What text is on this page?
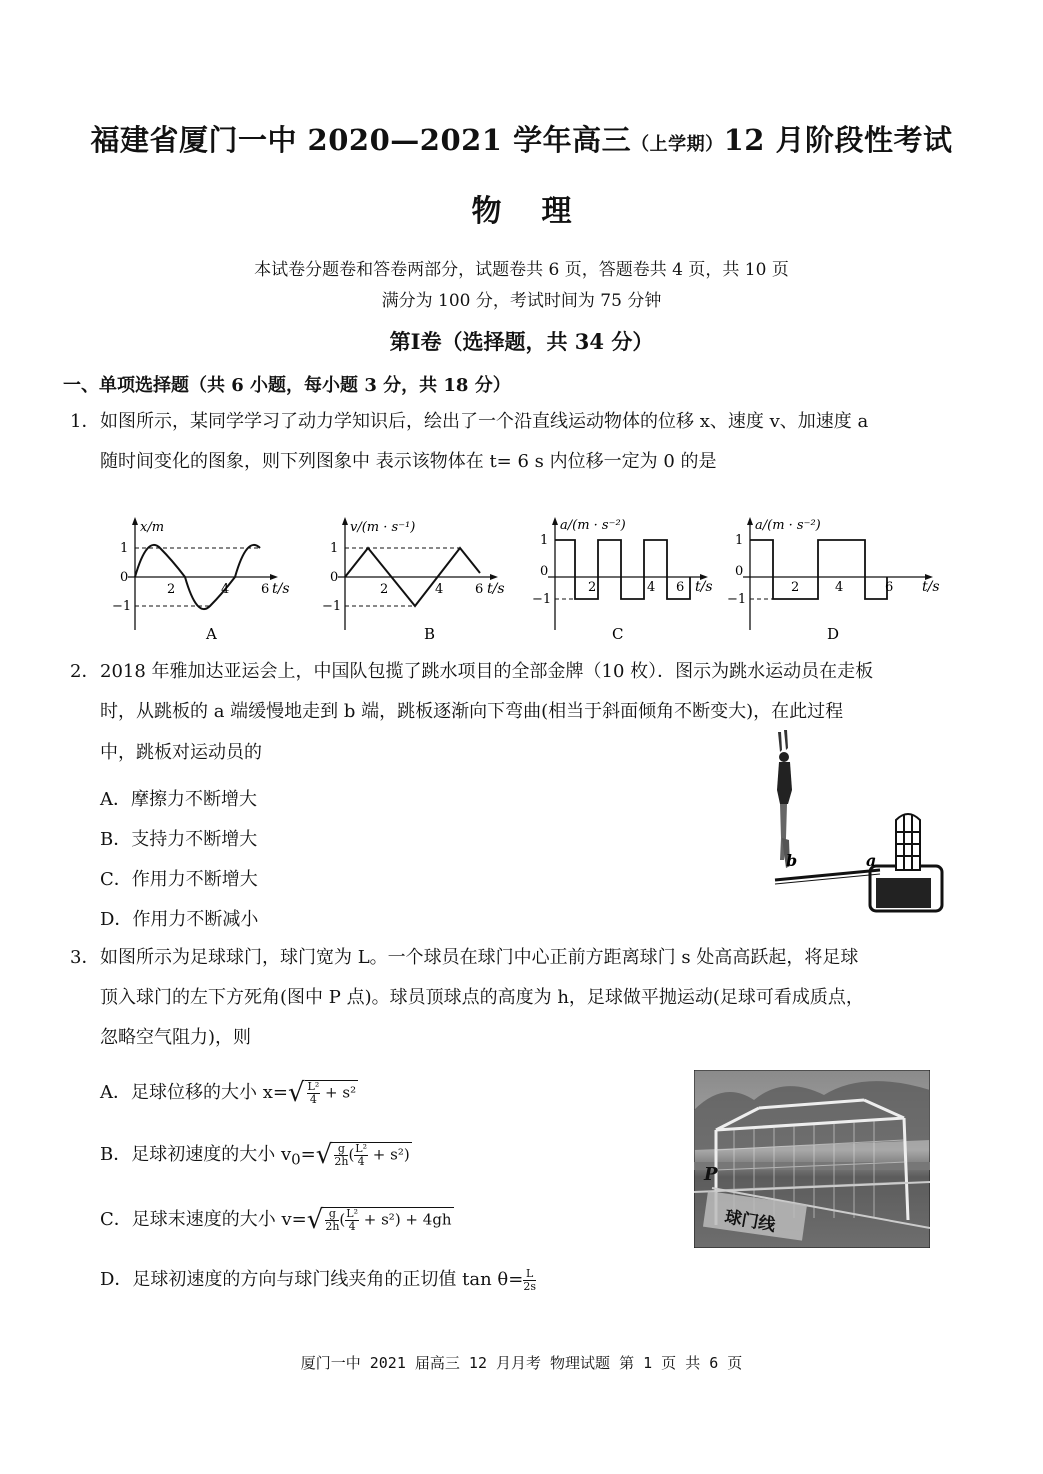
福建省厦门一中 2020—2021 学年高三（上学期）12 月阶段性考试
物理
本试卷分题卷和答卷两部分，试题卷共 6 页，答题卷共 4 页，共 10 页
满分为 100 分，考试时间为 75 分钟
第Ⅰ卷（选择题，共 34 分）
一、单项选择题（共 6 小题，每小题 3 分，共 18 分）
1． 如图所示，某同学学习了动力学知识后，绘出了一个沿直线运动物体的位移 x、速度 v、加速度 a
随时间变化的图象，则下列图象中 表示该物体在 t= 6 s 内位移一定为 0 的是
x/m
1
0
−1
2	4 6 t/s
A
v/(m · s⁻¹)
1
0
−1
2	4 6 t/s
B
a/(m · s⁻²)
1
0
−1
2	4 6 t/s
C
a/(m · s⁻²)
1
0
−1
2	4	6 t/s
D
2． 2018 年雅加达亚运会上，中国队包揽了跳水项目的全部金牌（10 枚）．图示为跳水运动员在走板
时，从跳板的 a 端缓慢地走到 b 端，跳板逐渐向下弯曲(相当于斜面倾角不断变大)，在此过程
中，跳板对运动员的
A．摩擦力不断增大
B．支持力不断增大
C．作用力不断增大
D．作用力不断减小
b	a
3． 如图所示为足球球门，球门宽为 L。一个球员在球门中心正前方距离球门 s 处高高跃起，将足球
顶入球门的左下方死角(图中 P 点)。球员顶球点的高度为 h，足球做平抛运动(足球可看成质点，
忽略空气阻力)，则
A．足球位移的大小 $x=√ \frac{\text{L²}}{4} + s^2$
B．足球初速度的大小 $v_0=√ \frac{g}{2h}$ ( $\frac{\text{L²}}{4} + s^2$)
C．足球末速度的大小 $v=√ \frac{g}{2h}$ ( $\frac{\text{L²}}{4} + s^2) + 4gh$
D．足球初速度的方向与球门线夹角的正切值 $\tan \theta= \frac{L}{2s}$
P
球门线
厦门一中 2021 届高三 12 月月考 物理试题 第 1 页 共 6 页
